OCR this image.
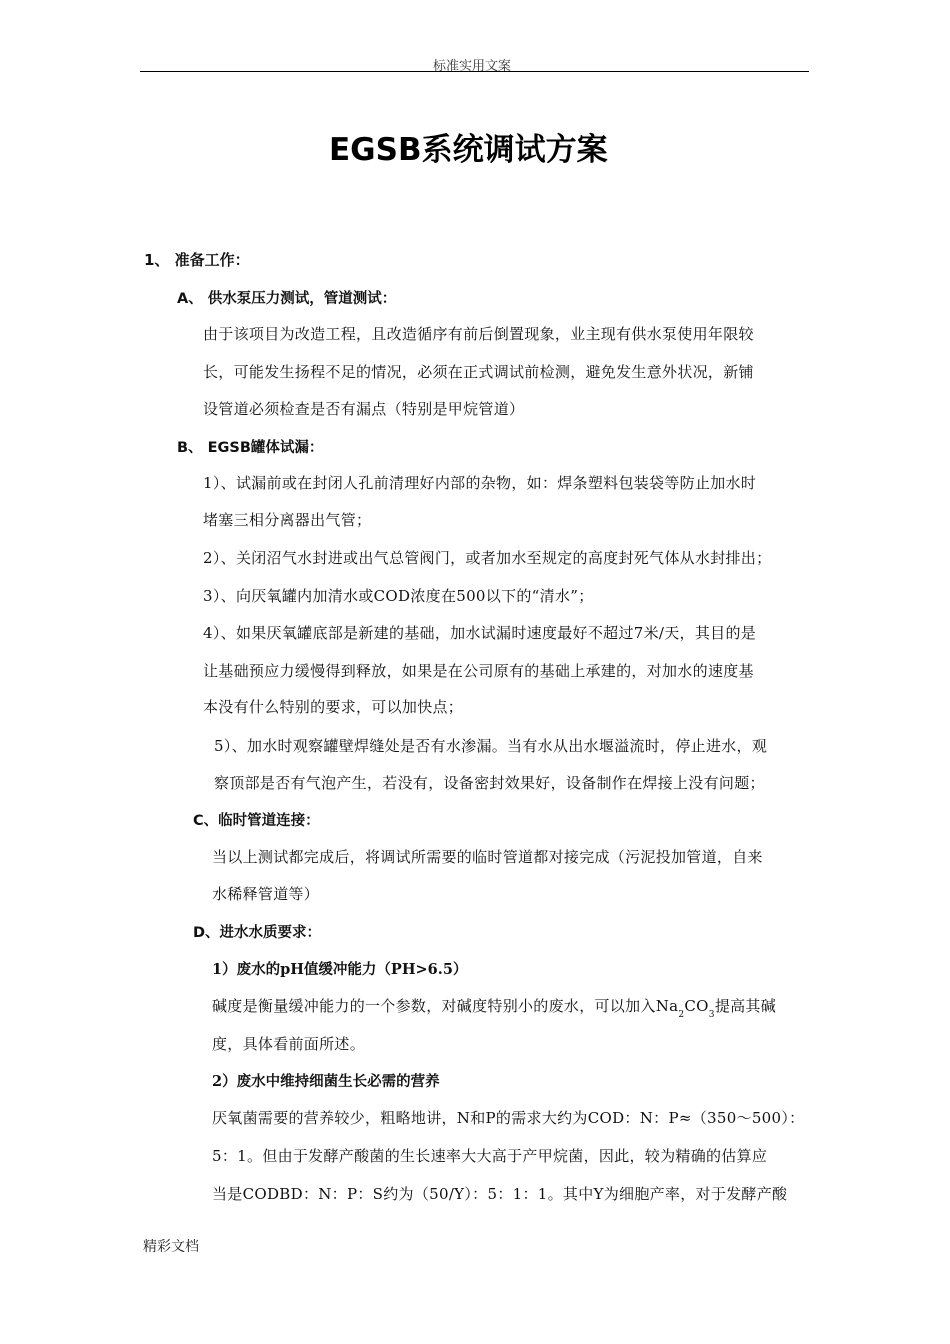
标准实用文案
EGSB系统调试方案
1、 准备工作：
A、 供水泵压力测试，管道测试：
由于该项目为改造工程，且改造循序有前后倒置现象，业主现有供水泵使用年限较
长，可能发生扬程不足的情况，必须在正式调试前检测，避免发生意外状况，新铺
设管道必须检查是否有漏点（特别是甲烷管道）
B、 EGSB罐体试漏：
1）、试漏前或在封闭人孔前清理好内部的杂物，如：焊条塑料包装袋等防止加水时
堵塞三相分离器出气管；
2）、关闭沼气水封进或出气总管阀门，或者加水至规定的高度封死气体从水封排出；
3）、向厌氧罐内加清水或COD浓度在500以下的“清水”；
4）、如果厌氧罐底部是新建的基础，加水试漏时速度最好不超过7米/天，其目的是
让基础预应力缓慢得到释放，如果是在公司原有的基础上承建的，对加水的速度基
本没有什么特别的要求，可以加快点；
5）、加水时观察罐壁焊缝处是否有水渗漏。当有水从出水堰溢流时，停止进水，观
察顶部是否有气泡产生，若没有，设备密封效果好，设备制作在焊接上没有问题；
C、临时管道连接：
当以上测试都完成后，将调试所需要的临时管道都对接完成（污泥投加管道，自来
水稀释管道等）
D、进水水质要求：
1）废水的pH值缓冲能力（PH>6.5）
碱度是衡量缓冲能力的一个参数，对碱度特别小的废水，可以加入$Na_2CO_3$提高其碱
度，具体看前面所述。
2）废水中维持细菌生长必需的营养
厌氧菌需要的营养较少，粗略地讲，N和P的需求大约为COD：N：P≈（350～500）：
5：1。但由于发酵产酸菌的生长速率大大高于产甲烷菌，因此，较为精确的估算应
当是CODBD：N：P：S约为（50/Y）：5：1：1。其中Y为细胞产率，对于发酵产酸
精彩文档
